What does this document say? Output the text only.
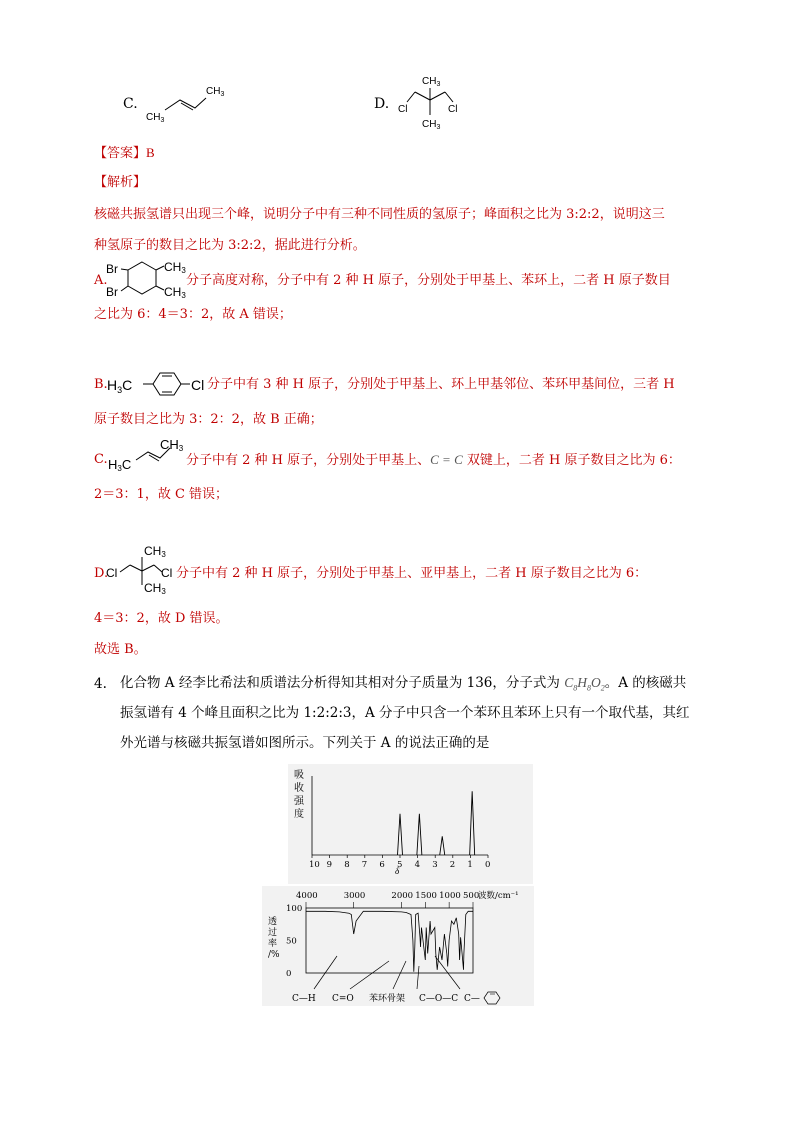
C.
$CH_3$
$CH_3$
D.
$CH_3$
Cl	Cl
$CH_3$
【答案】B
【解析】
核磁共振氢谱只出现三个峰，说明分子中有三种不同性质的氢原子；峰面积之比为 3:2:2，说明这三
种氢原子的数目之比为 3:2:2，据此进行分析。
A.
Br
Br
CH3
CH3
分子高度对称，分子中有 2 种 H 原子，分别处于甲基上、苯环上，二者 H 原子数目
之比为 6：4＝3：2，故 A 错误；
B. $H_3C$	Cl 分子中有 3 种 H 原子，分别处于甲基上、环上甲基邻位、苯环甲基间位，三者 H
原子数目之比为 3：2：2，故 B 正确；
C. H3C
CH3
分子中有 2 种 H 原子，分别处于甲基上、C = C 双键上，二者 H 原子数目之比为 6：
2＝3：1，故 C 错误；
D.
Cl	Cl
CH3
CH3
分子中有 2 种 H 原子，分别处于甲基上、亚甲基上，二者 H 原子数目之比为 6：
4＝3：2，故 D 错误。
故选 B。
4. 化合物 A 经李比希法和质谱法分析得知其相对分子质量为 136，分子式为 $C_8H_8O_2$。A 的核磁共
振氢谱有 4 个峰且面积之比为 1:2:2:3，A 分子中只含一个苯环且苯环上只有一个取代基，其红
外光谱与核磁共振氢谱如图所示。下列关于 A 的说法正确的是
吸
收
强
度
10 9 8 7 6 5 4 3 2 1 0
δ
4000	3000	2000 1500 1000 500
波数/cm⁻¹
透
过
率
/%
100
50
0
C—H C=O 苯环骨架 C—O—C C—
